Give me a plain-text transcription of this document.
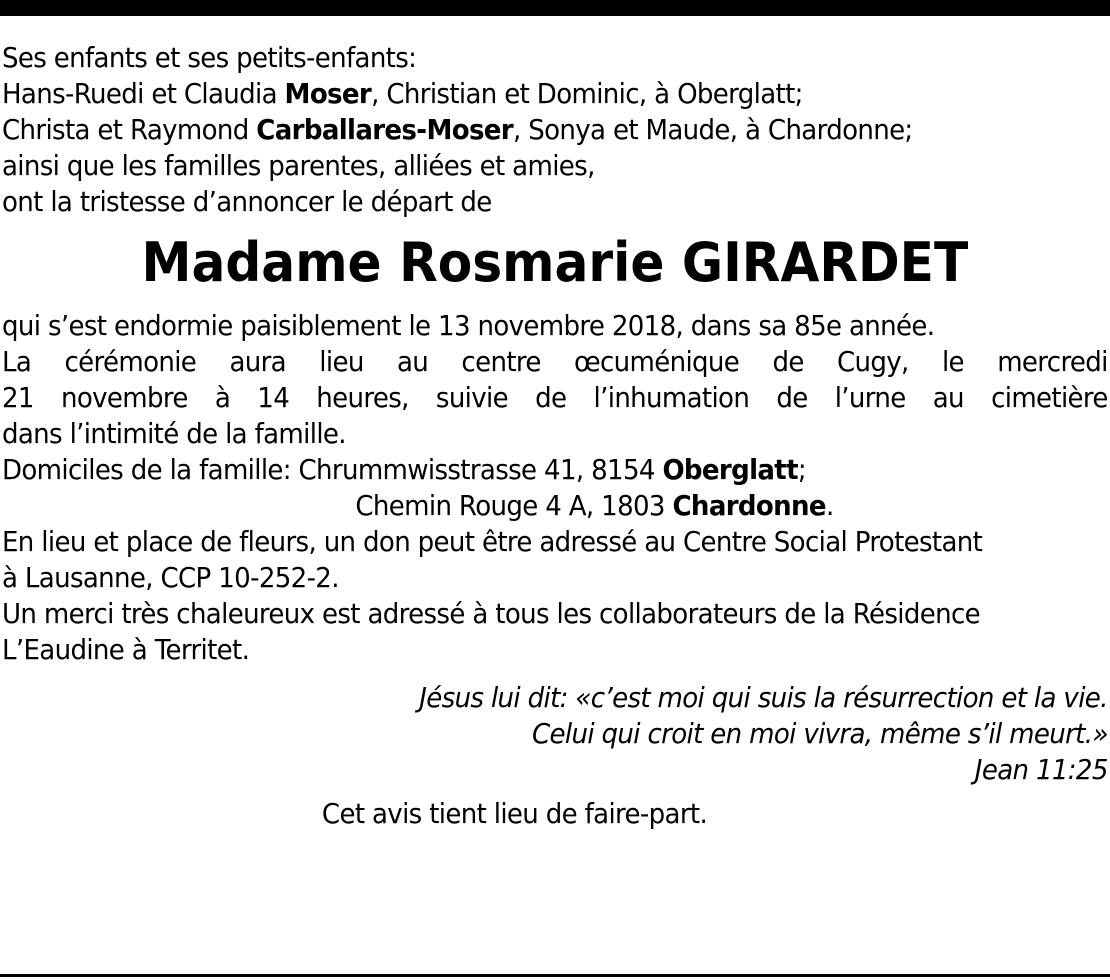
Ses enfants et ses petits-enfants:
Hans-Ruedi et Claudia Moser, Christian et Dominic, à Oberglatt;
Christa et Raymond Carballares-Moser, Sonya et Maude, à Chardonne;
ainsi que les familles parentes, alliées et amies,
ont la tristesse d’annoncer le départ de
Madame Rosmarie GIRARDET
qui s’est endormie paisiblement le 13 novembre 2018, dans sa 85e année.
La cérémonie aura lieu au centre œcuménique de Cugy, le mercredi
21 novembre à 14 heures, suivie de l’inhumation de l’urne au cimetière
dans l’intimité de la famille.
Domiciles de la famille: Chrummwisstrasse 41, 8154 Oberglatt;
Chemin Rouge 4 A, 1803 Chardonne.
En lieu et place de fleurs, un don peut être adressé au Centre Social Protestant
à Lausanne, CCP 10-252-2.
Un merci très chaleureux est adressé à tous les collaborateurs de la Résidence
L’Eaudine à Territet.
Jésus lui dit: «c’est moi qui suis la résurrection et la vie.
Celui qui croit en moi vivra, même s’il meurt.»
Jean 11:25
Cet avis tient lieu de faire-part.
